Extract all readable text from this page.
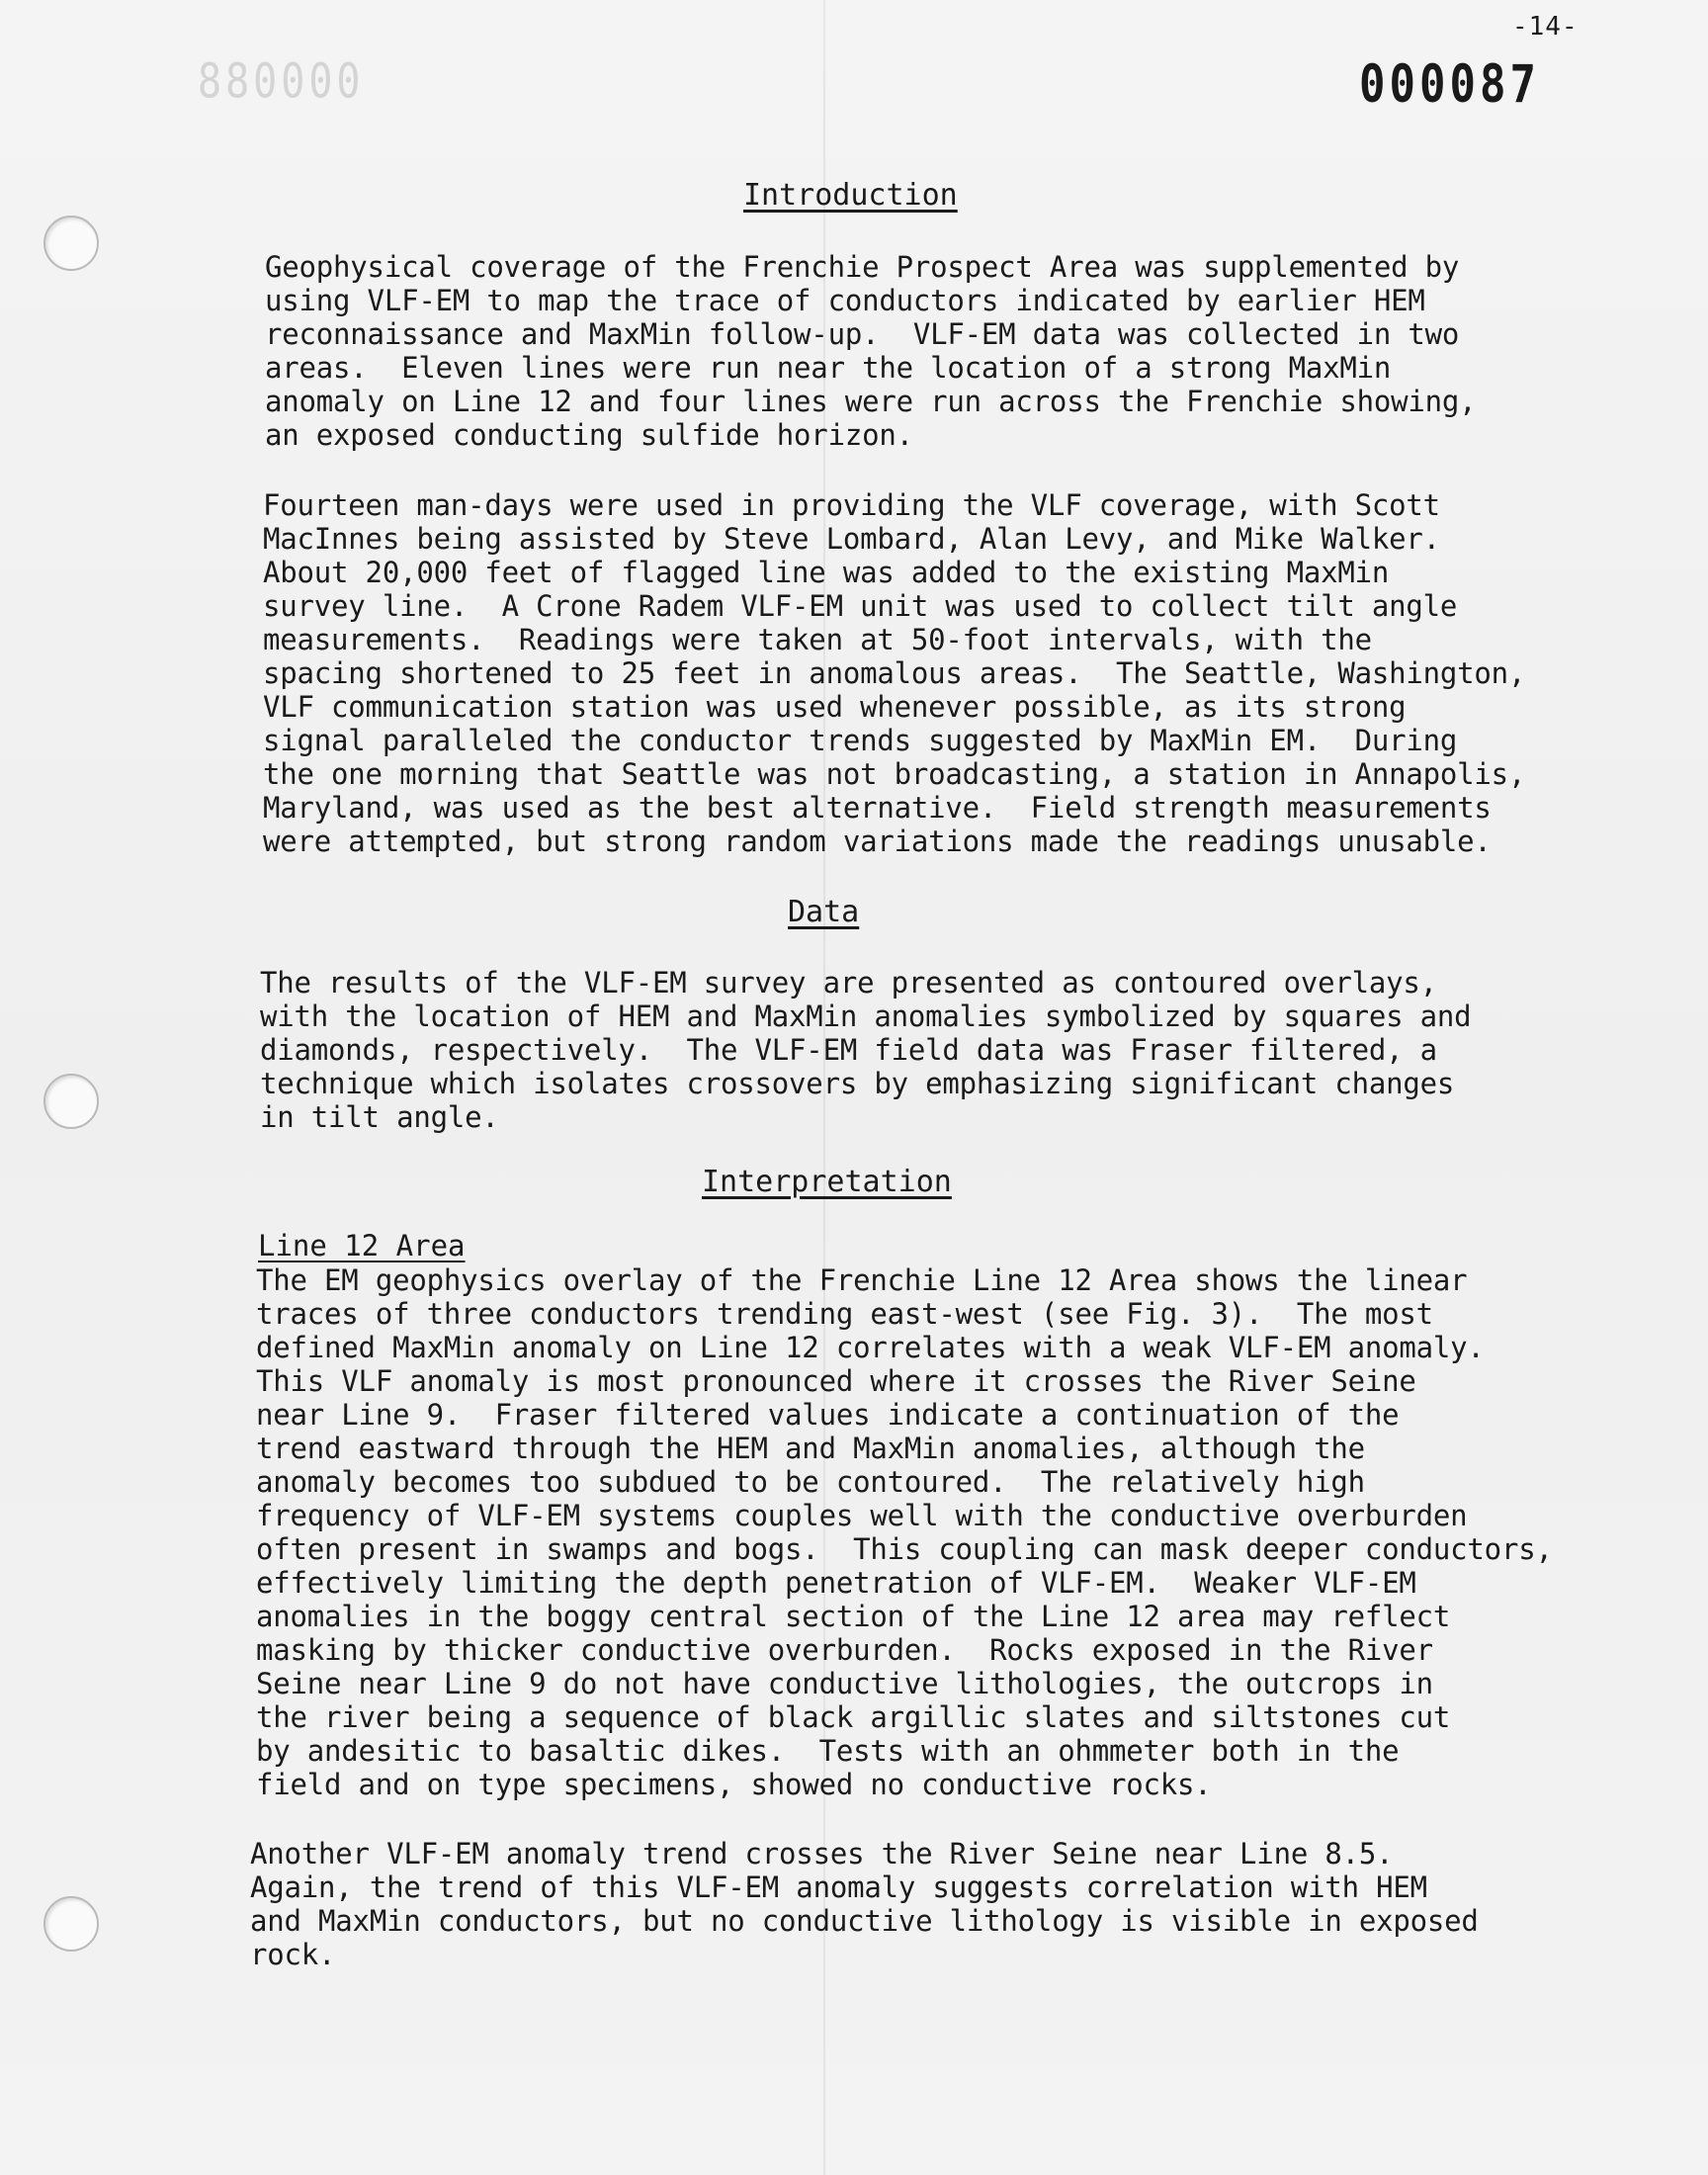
-14-
880000	000087
Introduction

Geophysical coverage of the Frenchie Prospect Area was supplemented by
using VLF-EM to map the trace of conductors indicated by earlier HEM
reconnaissance and MaxMin follow-up.  VLF-EM data was collected in two
areas.  Eleven lines were run near the location of a strong MaxMin
anomaly on Line 12 and four lines were run across the Frenchie showing,
an exposed conducting sulfide horizon.

Fourteen man-days were used in providing the VLF coverage, with Scott
MacInnes being assisted by Steve Lombard, Alan Levy, and Mike Walker.
About 20,000 feet of flagged line was added to the existing MaxMin
survey line.  A Crone Radem VLF-EM unit was used to collect tilt angle
measurements.  Readings were taken at 50-foot intervals, with the
spacing shortened to 25 feet in anomalous areas.  The Seattle, Washington,
VLF communication station was used whenever possible, as its strong
signal paralleled the conductor trends suggested by MaxMin EM.  During
the one morning that Seattle was not broadcasting, a station in Annapolis,
Maryland, was used as the best alternative.  Field strength measurements
were attempted, but strong random variations made the readings unusable.

Data

The results of the VLF-EM survey are presented as contoured overlays,
with the location of HEM and MaxMin anomalies symbolized by squares and
diamonds, respectively.  The VLF-EM field data was Fraser filtered, a
technique which isolates crossovers by emphasizing significant changes
in tilt angle.

Interpretation
Line 12 Area

The EM geophysics overlay of the Frenchie Line 12 Area shows the linear
traces of three conductors trending east-west (see Fig. 3).  The most
defined MaxMin anomaly on Line 12 correlates with a weak VLF-EM anomaly.
This VLF anomaly is most pronounced where it crosses the River Seine
near Line 9.  Fraser filtered values indicate a continuation of the
trend eastward through the HEM and MaxMin anomalies, although the
anomaly becomes too subdued to be contoured.  The relatively high
frequency of VLF-EM systems couples well with the conductive overburden
often present in swamps and bogs.  This coupling can mask deeper conductors,
effectively limiting the depth penetration of VLF-EM.  Weaker VLF-EM
anomalies in the boggy central section of the Line 12 area may reflect
masking by thicker conductive overburden.  Rocks exposed in the River
Seine near Line 9 do not have conductive lithologies, the outcrops in
the river being a sequence of black argillic slates and siltstones cut
by andesitic to basaltic dikes.  Tests with an ohmmeter both in the
field and on type specimens, showed no conductive rocks.

Another VLF-EM anomaly trend crosses the River Seine near Line 8.5.
Again, the trend of this VLF-EM anomaly suggests correlation with HEM
and MaxMin conductors, but no conductive lithology is visible in exposed
rock.
